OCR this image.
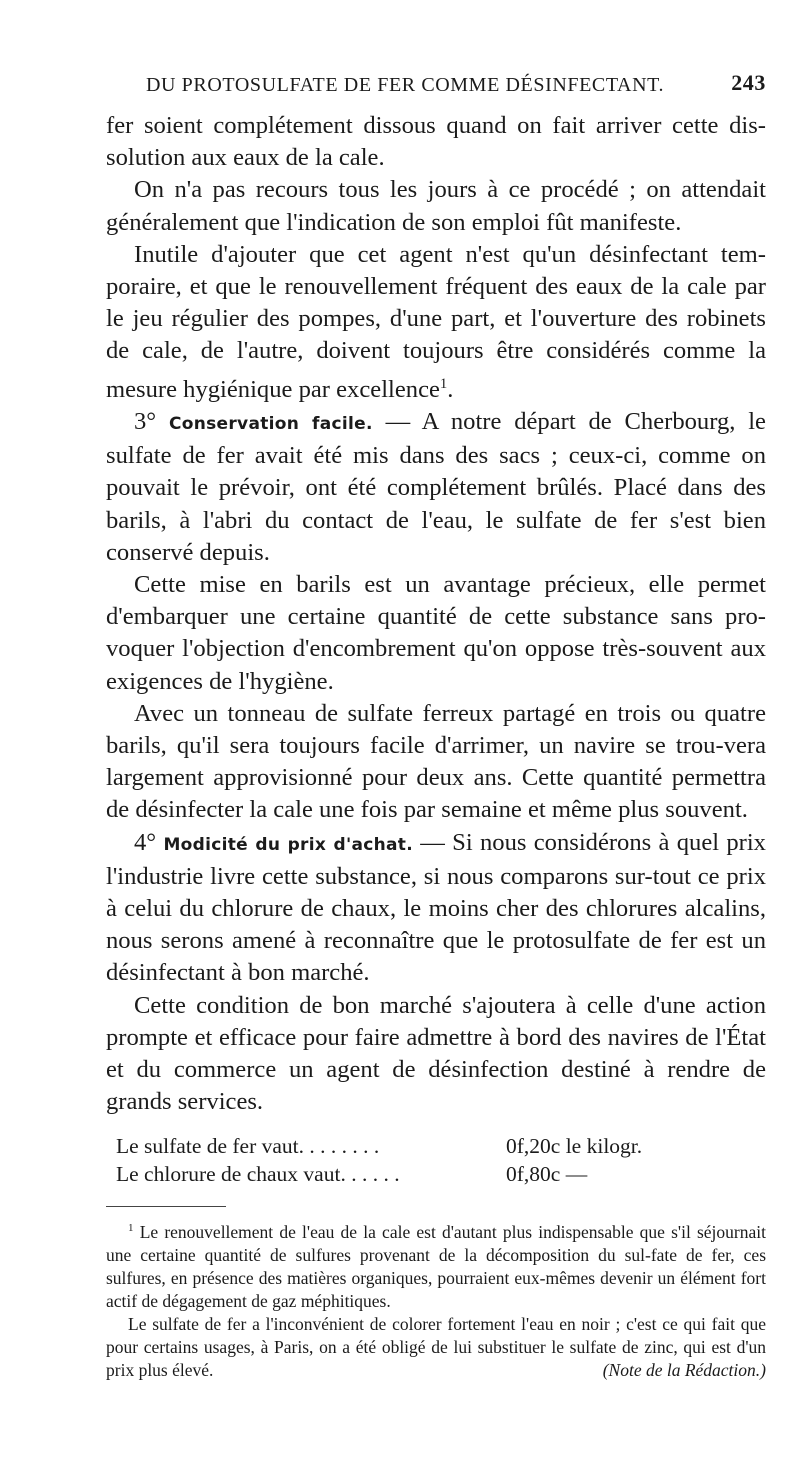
DU PROTOSULFATE DE FER COMME DÉSINFECTANT.	243

fer soient complétement dissous quand on fait arriver cette dis-solution aux eaux de la cale.

On n'a pas recours tous les jours à ce procédé ; on attendait généralement que l'indication de son emploi fût manifeste.

Inutile d'ajouter que cet agent n'est qu'un désinfectant tem-poraire, et que le renouvellement fréquent des eaux de la cale par le jeu régulier des pompes, d'une part, et l'ouverture des robinets de cale, de l'autre, doivent toujours être considérés comme la mesure hygiénique par excellence$^1$.

3° Conservation facile. — A notre départ de Cherbourg, le sulfate de fer avait été mis dans des sacs ; ceux-ci, comme on pouvait le prévoir, ont été complétement brûlés. Placé dans des barils, à l'abri du contact de l'eau, le sulfate de fer s'est bien conservé depuis.

Cette mise en barils est un avantage précieux, elle permet d'embarquer une certaine quantité de cette substance sans pro-voquer l'objection d'encombrement qu'on oppose très-souvent aux exigences de l'hygiène.

Avec un tonneau de sulfate ferreux partagé en trois ou quatre barils, qu'il sera toujours facile d'arrimer, un navire se trou-vera largement approvisionné pour deux ans. Cette quantité permettra de désinfecter la cale une fois par semaine et même plus souvent.

4° Modicité du prix d'achat. — Si nous considérons à quel prix l'industrie livre cette substance, si nous comparons sur-tout ce prix à celui du chlorure de chaux, le moins cher des chlorures alcalins, nous serons amené à reconnaître que le protosulfate de fer est un désinfectant à bon marché.

Cette condition de bon marché s'ajoutera à celle d'une action prompte et efficace pour faire admettre à bord des navires de l'État et du commerce un agent de désinfection destiné à rendre de grands services.

Le sulfate de fer vaut. . . . . . . .	0f,20c le kilogr.
Le chlorure de chaux vaut. . . . . .	0f,80c —

$^1$ Le renouvellement de l'eau de la cale est d'autant plus indispensable que s'il séjournait une certaine quantité de sulfures provenant de la décomposition du sul-fate de fer, ces sulfures, en présence des matières organiques, pourraient eux-mêmes devenir un élément fort actif de dégagement de gaz méphitiques.

Le sulfate de fer a l'inconvénient de colorer fortement l'eau en noir ; c'est ce qui fait que pour certains usages, à Paris, on a été obligé de lui substituer le sulfate de zinc, qui est d'un prix plus élevé.	(Note de la Rédaction.)
